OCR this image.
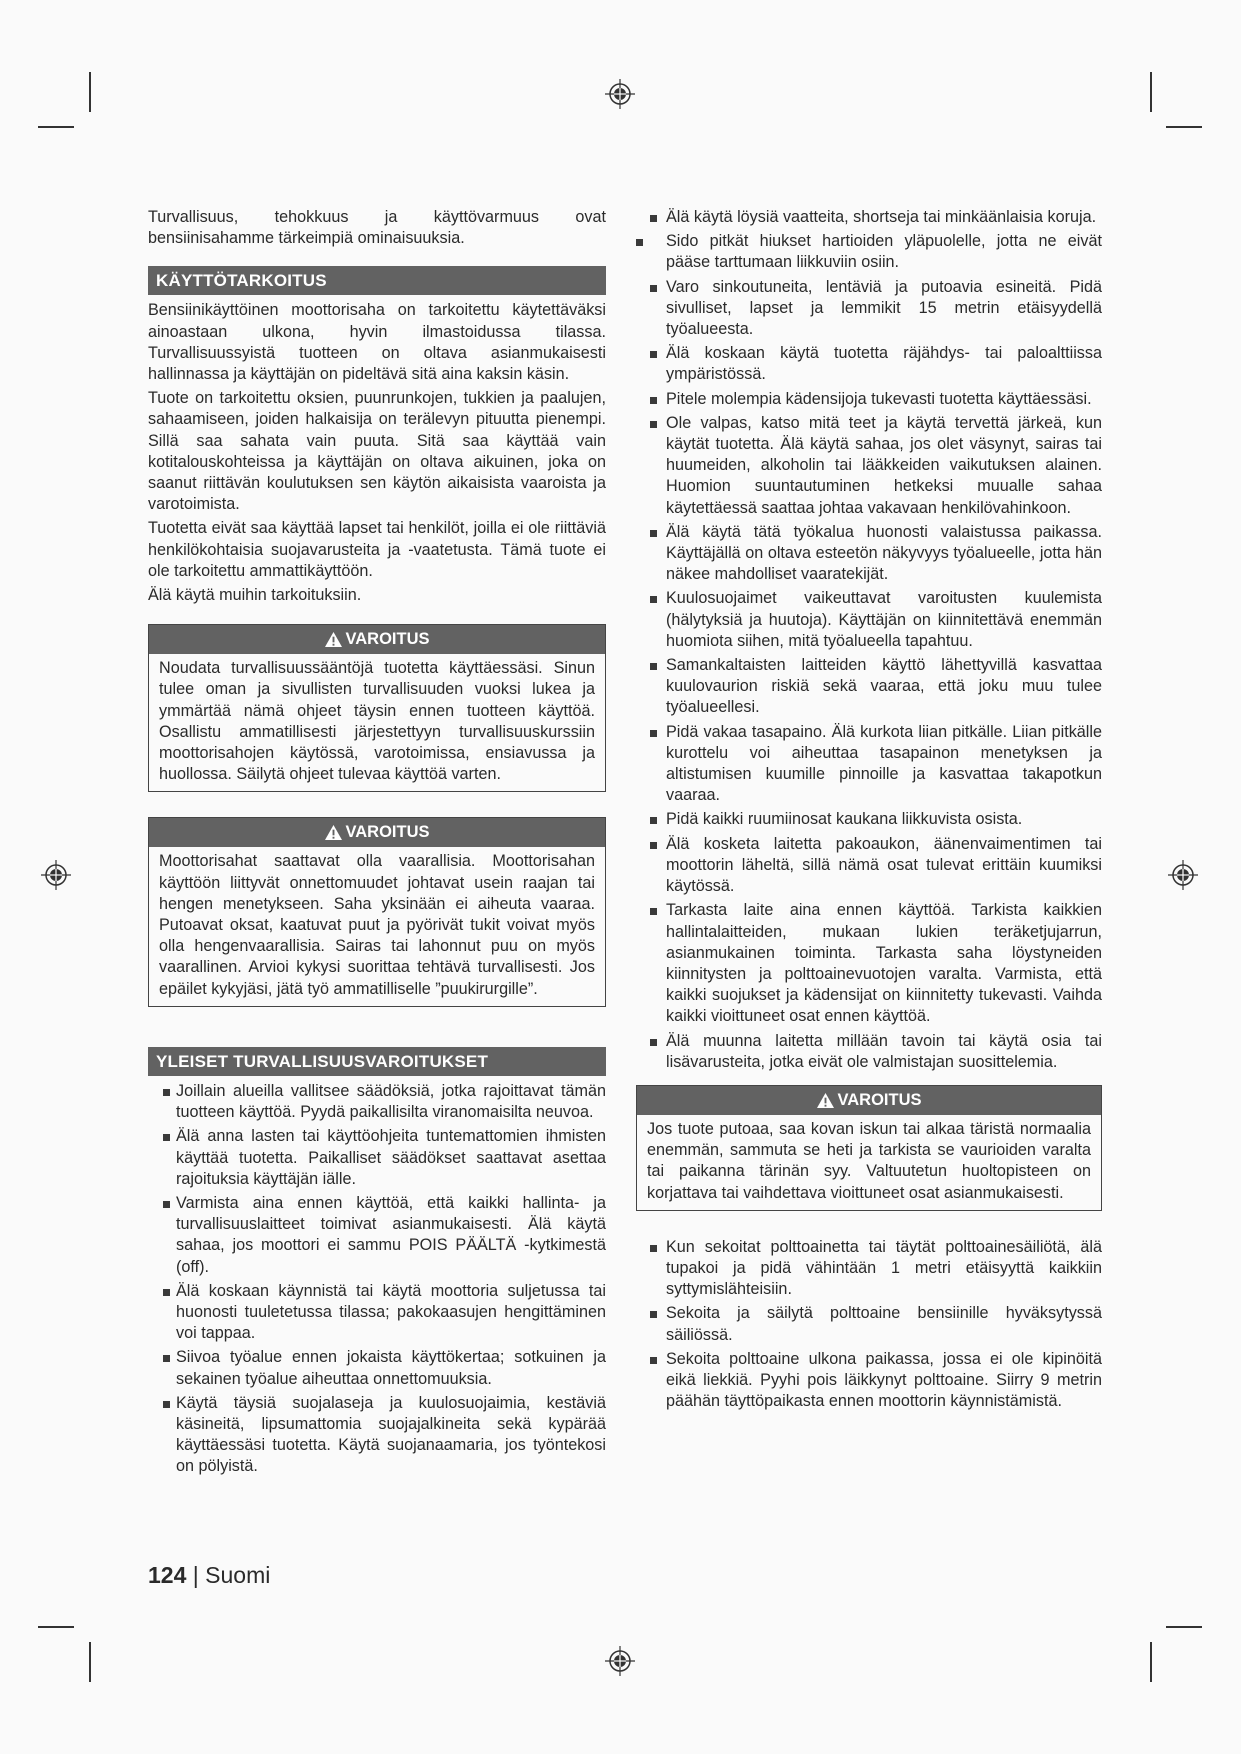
Turvallisuus, tehokkuus ja käyttövarmuus ovat bensiinisahamme tärkeimpiä ominaisuuksia.

KÄYTTÖTARKOITUS

Bensiinikäyttöinen moottorisaha on tarkoitettu käytettäväksi ainoastaan ulkona, hyvin ilmastoidussa tilassa. Turvallisuussyistä tuotteen on oltava asianmukaisesti hallinnassa ja käyttäjän on pideltävä sitä aina kaksin käsin.

Tuote on tarkoitettu oksien, puunrunkojen, tukkien ja paalujen, sahaamiseen, joiden halkaisija on terälevyn pituutta pienempi. Sillä saa sahata vain puuta. Sitä saa käyttää vain kotitalouskohteissa ja käyttäjän on oltava aikuinen, joka on saanut riittävän koulutuksen sen käytön aikaisista vaaroista ja varotoimista.

Tuotetta eivät saa käyttää lapset tai henkilöt, joilla ei ole riittäviä henkilökohtaisia suojavarusteita ja -vaatetusta. Tämä tuote ei ole tarkoitettu ammattikäyttöön.

Älä käytä muihin tarkoituksiin.

VAROITUS

Noudata turvallisuussääntöjä tuotetta käyttäessäsi. Sinun tulee oman ja sivullisten turvallisuuden vuoksi lukea ja ymmärtää nämä ohjeet täysin ennen tuotteen käyttöä. Osallistu ammatillisesti järjestettyyn turvallisuuskurssiin moottorisahojen käytössä, varotoimissa, ensiavussa ja huollossa. Säilytä ohjeet tulevaa käyttöä varten.

VAROITUS

Moottorisahat saattavat olla vaarallisia. Moottorisahan käyttöön liittyvät onnettomuudet johtavat usein raajan tai hengen menetykseen. Saha yksinään ei aiheuta vaaraa. Putoavat oksat, kaatuvat puut ja pyörivät tukit voivat myös olla hengenvaarallisia. Sairas tai lahonnut puu on myös vaarallinen. Arvioi kykysi suorittaa tehtävä turvallisesti. Jos epäilet kykyjäsi, jätä työ ammatilliselle ”puukirurgille”.

YLEISET TURVALLISUUSVAROITUKSET
Joillain alueilla vallitsee säädöksiä, jotka rajoittavat tämän tuotteen käyttöä. Pyydä paikallisilta viranomaisilta neuvoa.
Älä anna lasten tai käyttöohjeita tuntemattomien ihmisten käyttää tuotetta. Paikalliset säädökset saattavat asettaa rajoituksia käyttäjän iälle.
Varmista aina ennen käyttöä, että kaikki hallinta- ja turvallisuuslaitteet toimivat asianmukaisesti. Älä käytä sahaa, jos moottori ei sammu POIS PÄÄLTÄ -kytkimestä (off).
Älä koskaan käynnistä tai käytä moottoria suljetussa tai huonosti tuuletetussa tilassa; pakokaasujen hengittäminen voi tappaa.
Siivoa työalue ennen jokaista käyttökertaa; sotkuinen ja sekainen työalue aiheuttaa onnettomuuksia.
Käytä täysiä suojalaseja ja kuulosuojaimia, kestäviä käsineitä, lipsumattomia suojajalkineita sekä kypärää käyttäessäsi tuotetta. Käytä suojanaamaria, jos työntekosi on pölyistä.
Älä käytä löysiä vaatteita, shortseja tai minkäänlaisia koruja.
Sido pitkät hiukset hartioiden yläpuolelle, jotta ne eivät pääse tarttumaan liikkuviin osiin.
Varo sinkoutuneita, lentäviä ja putoavia esineitä. Pidä sivulliset, lapset ja lemmikit 15 metrin etäisyydellä työalueesta.
Älä koskaan käytä tuotetta räjähdys- tai paloalttiissa ympäristössä.
Pitele molempia kädensijoja tukevasti tuotetta käyttäessäsi.
Ole valpas, katso mitä teet ja käytä tervettä järkeä, kun käytät tuotetta. Älä käytä sahaa, jos olet väsynyt, sairas tai huumeiden, alkoholin tai lääkkeiden vaikutuksen alainen. Huomion suuntautuminen hetkeksi muualle sahaa käytettäessä saattaa johtaa vakavaan henkilövahinkoon.
Älä käytä tätä työkalua huonosti valaistussa paikassa. Käyttäjällä on oltava esteetön näkyvyys työalueelle, jotta hän näkee mahdolliset vaaratekijät.
Kuulosuojaimet vaikeuttavat varoitusten kuulemista (hälytyksiä ja huutoja). Käyttäjän on kiinnitettävä enemmän huomiota siihen, mitä työalueella tapahtuu.
Samankaltaisten laitteiden käyttö lähettyvillä kasvattaa kuulovaurion riskiä sekä vaaraa, että joku muu tulee työalueellesi.
Pidä vakaa tasapaino. Älä kurkota liian pitkälle. Liian pitkälle kurottelu voi aiheuttaa tasapainon menetyksen ja altistumisen kuumille pinnoille ja kasvattaa takapotkun vaaraa.
Pidä kaikki ruumiinosat kaukana liikkuvista osista.
Älä kosketa laitetta pakoaukon, äänenvaimentimen tai moottorin läheltä, sillä nämä osat tulevat erittäin kuumiksi käytössä.
Tarkasta laite aina ennen käyttöä. Tarkista kaikkien hallintalaitteiden, mukaan lukien teräketjujarrun, asianmukainen toiminta. Tarkasta saha löystyneiden kiinnitysten ja polttoainevuotojen varalta. Varmista, että kaikki suojukset ja kädensijat on kiinnitetty tukevasti. Vaihda kaikki vioittuneet osat ennen käyttöä.
Älä muunna laitetta millään tavoin tai käytä osia tai lisävarusteita, jotka eivät ole valmistajan suosittelemia.
VAROITUS

Jos tuote putoaa, saa kovan iskun tai alkaa täristä normaalia enemmän, sammuta se heti ja tarkista se vaurioiden varalta tai paikanna tärinän syy. Valtuutetun huoltopisteen on korjattava tai vaihdettava vioittuneet osat asianmukaisesti.

Kun sekoitat polttoainetta tai täytät polttoainesäiliötä, älä tupakoi ja pidä vähintään 1 metri etäisyyttä kaikkiin syttymislähteisiin.
Sekoita ja säilytä polttoaine bensiinille hyväksytyssä säiliössä.
Sekoita polttoaine ulkona paikassa, jossa ei ole kipinöitä eikä liekkiä. Pyyhi pois läikkynyt polttoaine. Siirry 9 metrin päähän täyttöpaikasta ennen moottorin käynnistämistä.
124 | Suomi
